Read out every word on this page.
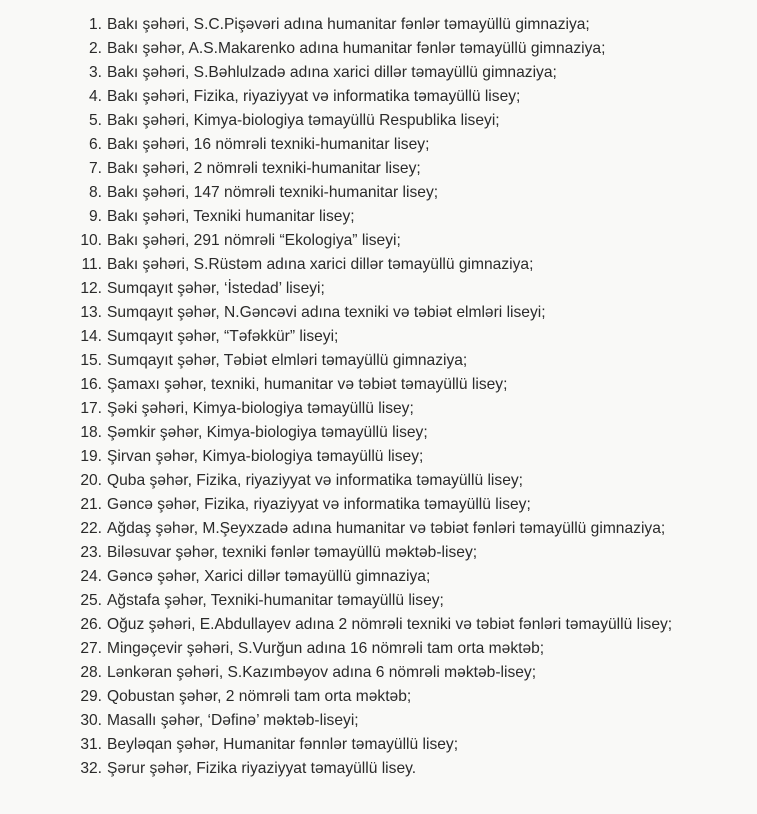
1. Bakı şəhəri, S.C.Pişəvəri adına humanitar fənlər təmayüllü gimnaziya;
2. Bakı şəhər, A.S.Makarenko adına humanitar fənlər təmayüllü gimnaziya;
3. Bakı şəhəri, S.Bəhlulzadə adına xarici dillər təmayüllü gimnaziya;
4. Bakı şəhəri, Fizika, riyaziyyat və informatika təmayüllü lisey;
5. Bakı şəhəri, Kimya-biologiya təmayüllü Respublika liseyi;
6. Bakı şəhəri, 16 nömrəli texniki-humanitar lisey;
7. Bakı şəhəri, 2 nömrəli texniki-humanitar lisey;
8. Bakı şəhəri, 147 nömrəli texniki-humanitar lisey;
9. Bakı şəhəri, Texniki humanitar lisey;
10. Bakı şəhəri, 291 nömrəli “Ekologiya” liseyi;
11. Bakı şəhəri, S.Rüstəm adına xarici dillər təmayüllü gimnaziya;
12. Sumqayıt şəhər, ‘İstedad’ liseyi;
13. Sumqayıt şəhər, N.Gəncəvi adına texniki və təbiət elmləri liseyi;
14. Sumqayıt şəhər, “Təfəkkür” liseyi;
15. Sumqayıt şəhər, Təbiət elmləri təmayüllü gimnaziya;
16. Şamaxı şəhər, texniki, humanitar və təbiət təmayüllü lisey;
17. Şəki şəhəri, Kimya-biologiya təmayüllü lisey;
18. Şəmkir şəhər, Kimya-biologiya təmayüllü lisey;
19. Şirvan şəhər, Kimya-biologiya təmayüllü lisey;
20. Quba şəhər, Fizika, riyaziyyat və informatika təmayüllü lisey;
21. Gəncə şəhər, Fizika, riyaziyyat və informatika təmayüllü lisey;
22. Ağdaş şəhər, M.Şeyxzadə adına humanitar və təbiət fənləri təmayüllü gimnaziya;
23. Biləsuvar şəhər, texniki fənlər təmayüllü məktəb-lisey;
24. Gəncə şəhər, Xarici dillər təmayüllü gimnaziya;
25. Ağstafa şəhər, Texniki-humanitar təmayüllü lisey;
26. Oğuz şəhəri, E.Abdullayev adına 2 nömrəli texniki və təbiət fənləri təmayüllü lisey;
27. Mingəçevir şəhəri, S.Vurğun adına 16 nömrəli tam orta məktəb;
28. Lənkəran şəhəri, S.Kazımbəyov adına 6 nömrəli məktəb-lisey;
29. Qobustan şəhər, 2 nömrəli tam orta məktəb;
30. Masallı şəhər, ‘Dəfinə’ məktəb-liseyi;
31. Beyləqan şəhər, Humanitar fənnlər təmayüllü lisey;
32. Şərur şəhər, Fizika riyaziyyat təmayüllü lisey.
